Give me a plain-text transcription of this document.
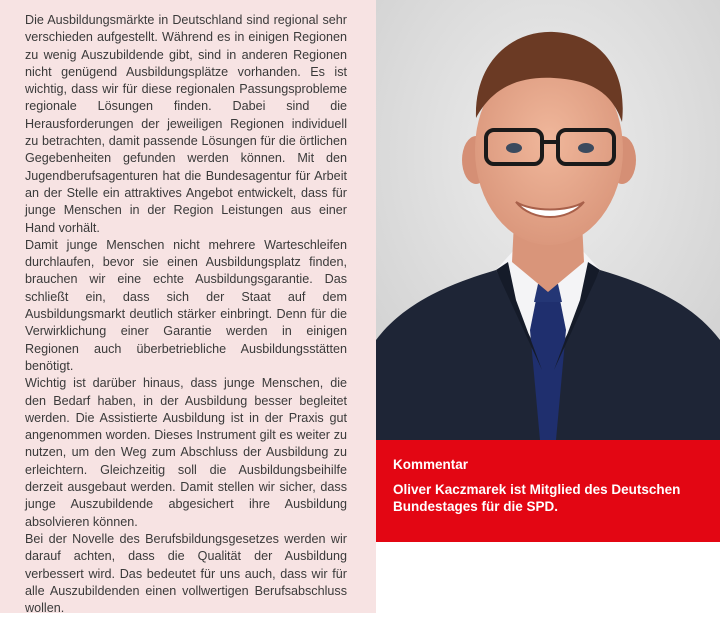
Die Ausbildungsmärkte in Deutschland sind regional sehr verschieden aufgestellt. Während es in einigen Regionen zu wenig Auszubildende gibt, sind in anderen Regionen nicht genügend Ausbildungsplätze vorhanden. Es ist wichtig, dass wir für diese regionalen Passungsprobleme regionale Lösungen finden. Dabei sind die Herausforderungen der jeweiligen Regionen individuell zu betrachten, damit passende Lösungen für die örtlichen Gegebenheiten gefunden werden können. Mit den Jugendberufsagenturen hat die Bundesagentur für Arbeit an der Stelle ein attraktives Angebot entwickelt, dass für junge Menschen in der Region Leistungen aus einer Hand vorhält.

Damit junge Menschen nicht mehrere Warteschleifen durchlaufen, bevor sie einen Ausbildungsplatz finden, brauchen wir eine echte Ausbildungsgarantie. Das schließt ein, dass sich der Staat auf dem Ausbildungsmarkt deutlich stärker einbringt. Denn für die Verwirklichung einer Garantie werden in einigen Regionen auch überbetriebliche Ausbildungsstätten benötigt.

Wichtig ist darüber hinaus, dass junge Menschen, die den Bedarf haben, in der Ausbildung besser begleitet werden. Die Assistierte Ausbildung ist in der Praxis gut angenommen worden. Dieses Instrument gilt es weiter zu nutzen, um den Weg zum Abschluss der Ausbildung zu erleichtern. Gleichzeitig soll die Ausbildungsbeihilfe derzeit ausgebaut werden. Damit stellen wir sicher, dass junge Auszubildende abgesichert ihre Ausbildung absolvieren können.

Bei der Novelle des Berufsbildungsgesetzes werden wir darauf achten, dass die Qualität der Ausbildung verbessert wird. Das bedeutet für uns auch, dass wir für alle Auszubildenden einen vollwertigen Berufsabschluss wollen.

Kommentar

Oliver Kaczmarek ist Mitglied des Deutschen Bundestages für die SPD.
